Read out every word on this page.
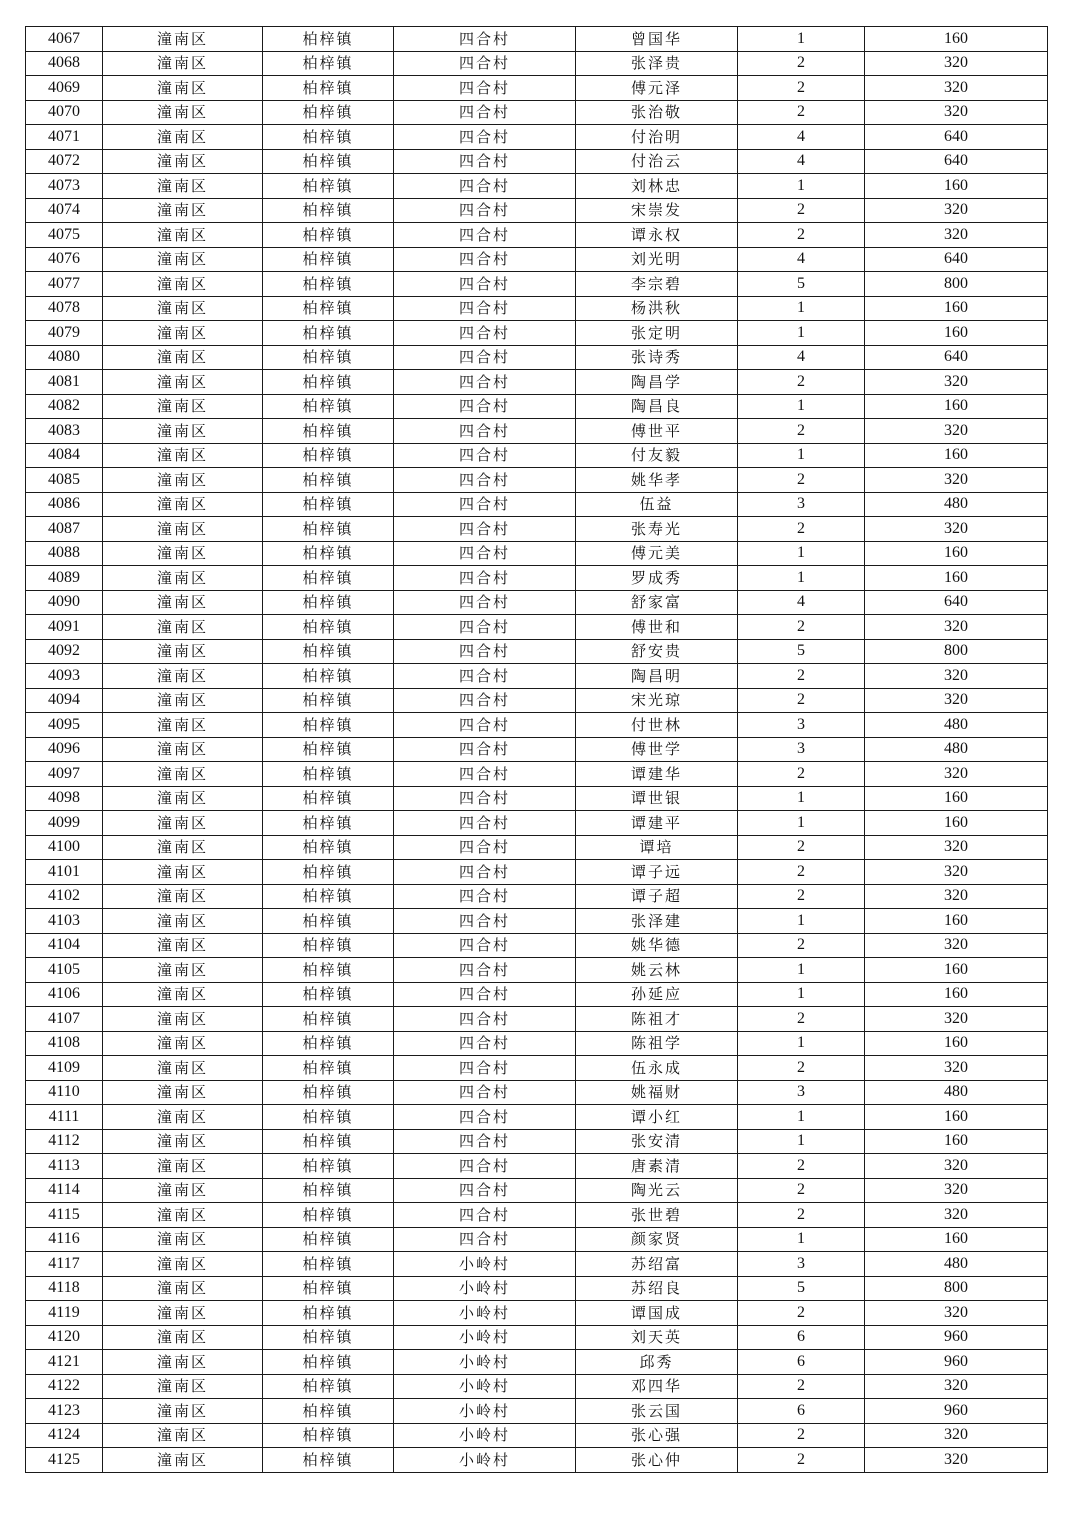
4067	潼南区	柏梓镇	四合村	曾国华	1	160
4068	潼南区	柏梓镇	四合村	张泽贵	2	320
4069	潼南区	柏梓镇	四合村	傅元泽	2	320
4070	潼南区	柏梓镇	四合村	张治敬	2	320
4071	潼南区	柏梓镇	四合村	付治明	4	640
4072	潼南区	柏梓镇	四合村	付治云	4	640
4073	潼南区	柏梓镇	四合村	刘林忠	1	160
4074	潼南区	柏梓镇	四合村	宋崇发	2	320
4075	潼南区	柏梓镇	四合村	谭永权	2	320
4076	潼南区	柏梓镇	四合村	刘光明	4	640
4077	潼南区	柏梓镇	四合村	李宗碧	5	800
4078	潼南区	柏梓镇	四合村	杨洪秋	1	160
4079	潼南区	柏梓镇	四合村	张定明	1	160
4080	潼南区	柏梓镇	四合村	张诗秀	4	640
4081	潼南区	柏梓镇	四合村	陶昌学	2	320
4082	潼南区	柏梓镇	四合村	陶昌良	1	160
4083	潼南区	柏梓镇	四合村	傅世平	2	320
4084	潼南区	柏梓镇	四合村	付友毅	1	160
4085	潼南区	柏梓镇	四合村	姚华孝	2	320
4086	潼南区	柏梓镇	四合村	伍益	3	480
4087	潼南区	柏梓镇	四合村	张寿光	2	320
4088	潼南区	柏梓镇	四合村	傅元美	1	160
4089	潼南区	柏梓镇	四合村	罗成秀	1	160
4090	潼南区	柏梓镇	四合村	舒家富	4	640
4091	潼南区	柏梓镇	四合村	傅世和	2	320
4092	潼南区	柏梓镇	四合村	舒安贵	5	800
4093	潼南区	柏梓镇	四合村	陶昌明	2	320
4094	潼南区	柏梓镇	四合村	宋光琼	2	320
4095	潼南区	柏梓镇	四合村	付世林	3	480
4096	潼南区	柏梓镇	四合村	傅世学	3	480
4097	潼南区	柏梓镇	四合村	谭建华	2	320
4098	潼南区	柏梓镇	四合村	谭世银	1	160
4099	潼南区	柏梓镇	四合村	谭建平	1	160
4100	潼南区	柏梓镇	四合村	谭培	2	320
4101	潼南区	柏梓镇	四合村	谭子远	2	320
4102	潼南区	柏梓镇	四合村	谭子超	2	320
4103	潼南区	柏梓镇	四合村	张泽建	1	160
4104	潼南区	柏梓镇	四合村	姚华德	2	320
4105	潼南区	柏梓镇	四合村	姚云林	1	160
4106	潼南区	柏梓镇	四合村	孙延应	1	160
4107	潼南区	柏梓镇	四合村	陈祖才	2	320
4108	潼南区	柏梓镇	四合村	陈祖学	1	160
4109	潼南区	柏梓镇	四合村	伍永成	2	320
4110	潼南区	柏梓镇	四合村	姚福财	3	480
4111	潼南区	柏梓镇	四合村	谭小红	1	160
4112	潼南区	柏梓镇	四合村	张安清	1	160
4113	潼南区	柏梓镇	四合村	唐素清	2	320
4114	潼南区	柏梓镇	四合村	陶光云	2	320
4115	潼南区	柏梓镇	四合村	张世碧	2	320
4116	潼南区	柏梓镇	四合村	颜家贤	1	160
4117	潼南区	柏梓镇	小岭村	苏绍富	3	480
4118	潼南区	柏梓镇	小岭村	苏绍良	5	800
4119	潼南区	柏梓镇	小岭村	谭国成	2	320
4120	潼南区	柏梓镇	小岭村	刘天英	6	960
4121	潼南区	柏梓镇	小岭村	邱秀	6	960
4122	潼南区	柏梓镇	小岭村	邓四华	2	320
4123	潼南区	柏梓镇	小岭村	张云国	6	960
4124	潼南区	柏梓镇	小岭村	张心强	2	320
4125	潼南区	柏梓镇	小岭村	张心仲	2	320
